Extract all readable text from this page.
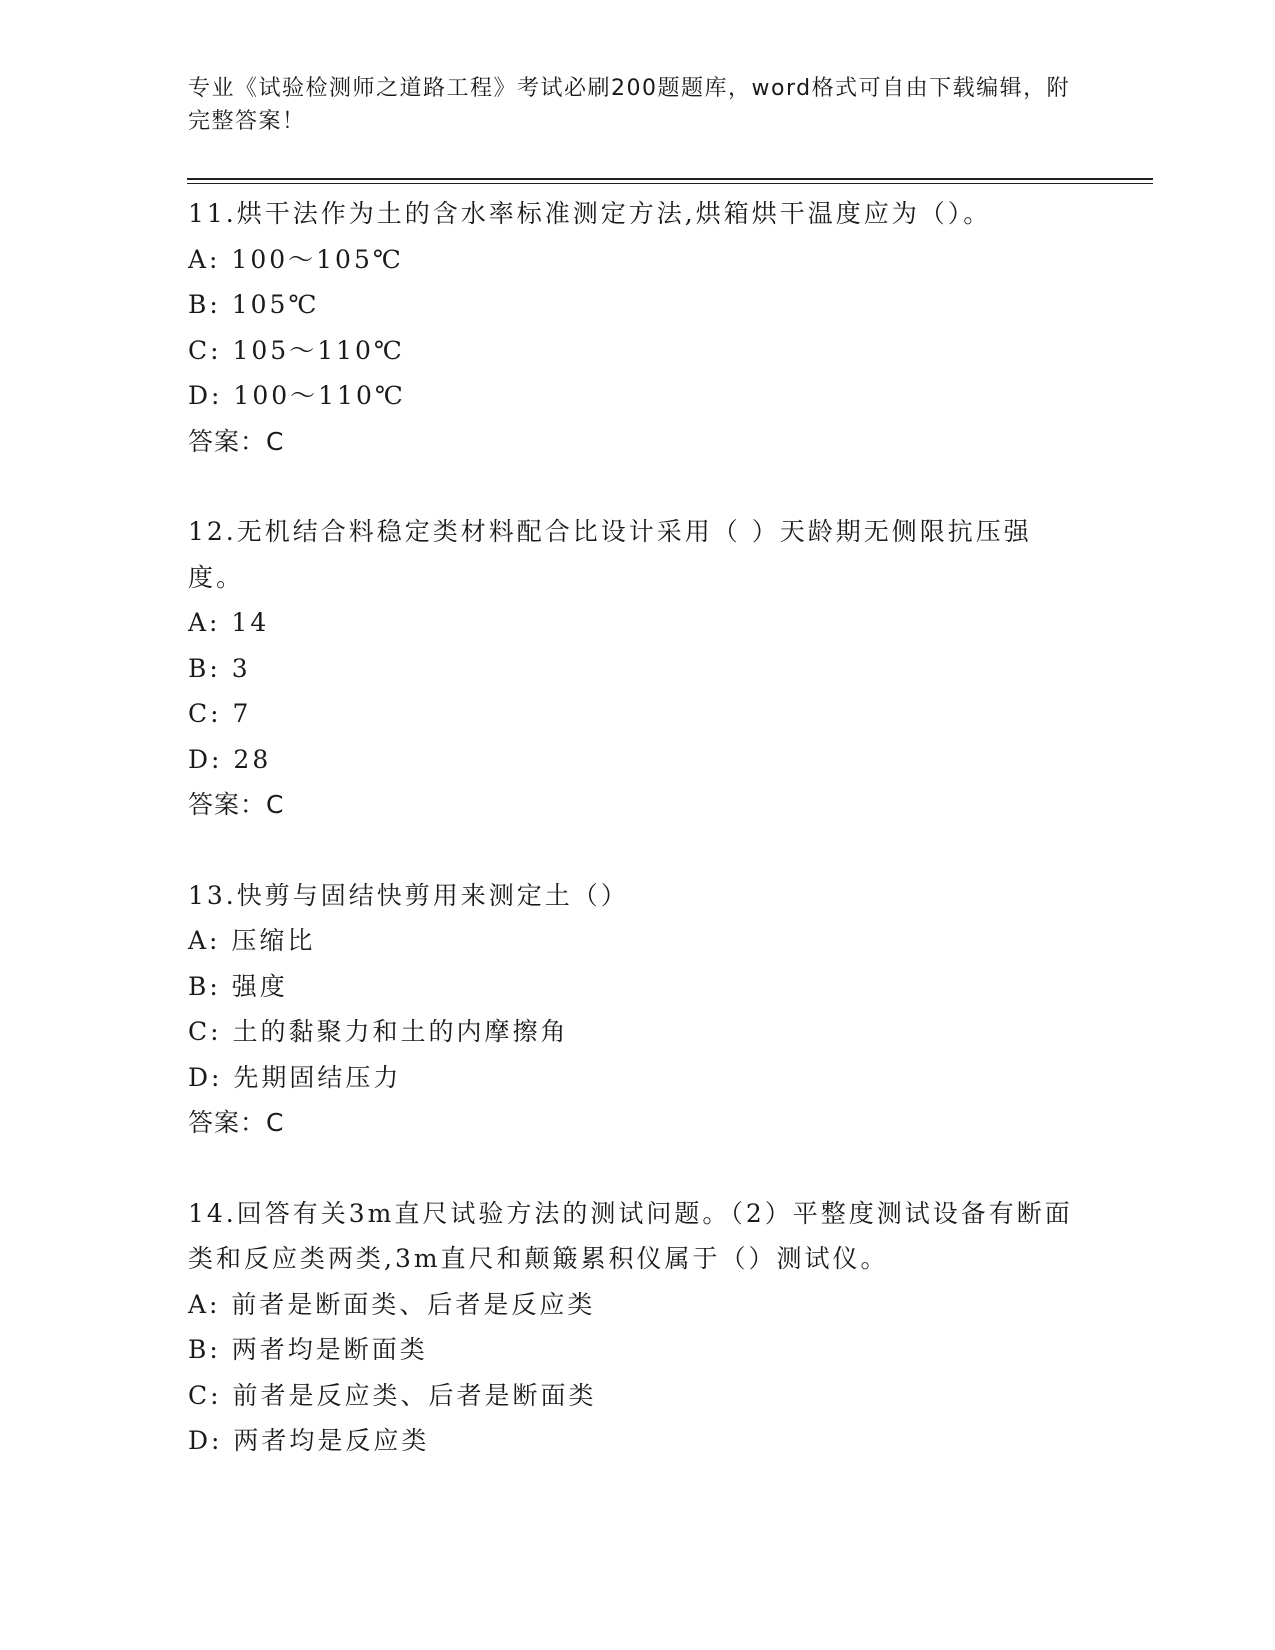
专业《试验检测师之道路工程》考试必刷200题题库，word格式可自由下载编辑，附完整答案！
11.烘干法作为土的含水率标准测定方法,烘箱烘干温度应为（）。
A: 100～105℃
B: 105℃
C: 105～110℃
D: 100～110℃
答案：C
12.无机结合料稳定类材料配合比设计采用（ ）天龄期无侧限抗压强度。
A: 14
B: 3
C: 7
D: 28
答案：C
13.快剪与固结快剪用来测定土（）
A: 压缩比
B: 强度
C: 土的黏聚力和土的内摩擦角
D: 先期固结压力
答案：C
14.回答有关3m直尺试验方法的测试问题。（2）平整度测试设备有断面类和反应类两类,3m直尺和颠簸累积仪属于（）测试仪。
A: 前者是断面类、后者是反应类
B: 两者均是断面类
C: 前者是反应类、后者是断面类
D: 两者均是反应类
